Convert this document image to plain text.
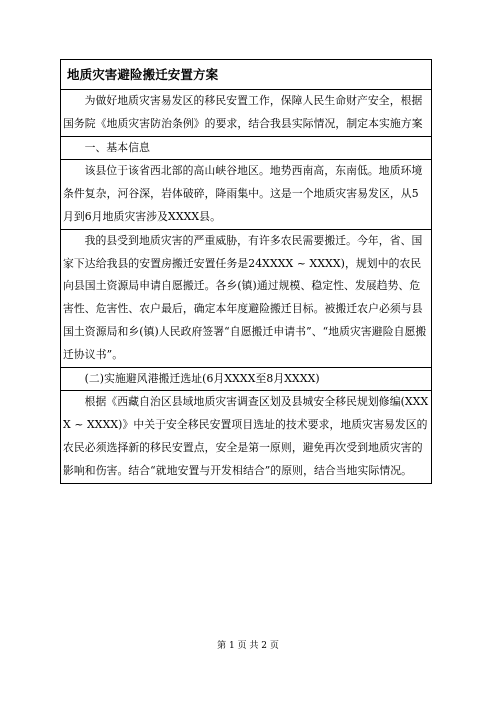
地质灾害避险搬迁安置方案

为做好地质灾害易发区的移民安置工作，保障人民生命财产安全，根据国务院《地质灾害防治条例》的要求，结合我县实际情况，制定本实施方案

一、基本信息

该县位于该省西北部的高山峡谷地区。地势西南高，东南低。地质环境条件复杂，河谷深，岩体破碎，降雨集中。这是一个地质灾害易发区，从5月到6月地质灾害涉及XXXX县。

我的县受到地质灾害的严重威胁，有许多农民需要搬迁。今年，省、国家下达给我县的安置房搬迁安置任务是24XXXX ~ XXXX)，规划中的农民向县国土资源局申请自愿搬迁。各乡(镇)通过规模、稳定性、发展趋势、危害性、危害性、农户最后，确定本年度避险搬迁目标。被搬迁农户必须与县国土资源局和乡(镇)人民政府签署“自愿搬迁申请书”、“地质灾害避险自愿搬迁协议书”。

(二)实施避风港搬迁选址(6月XXXX至8月XXXX)

根据《西藏自治区县域地质灾害调查区划及县城安全移民规划修编(XXXX ~ XXXX)》中关于安全移民安置项目选址的技术要求，地质灾害易发区的农民必须选择新的移民安置点，安全是第一原则，避免再次受到地质灾害的影响和伤害。结合“就地安置与开发相结合”的原则，结合当地实际情况。

第 1 页 共 2 页
